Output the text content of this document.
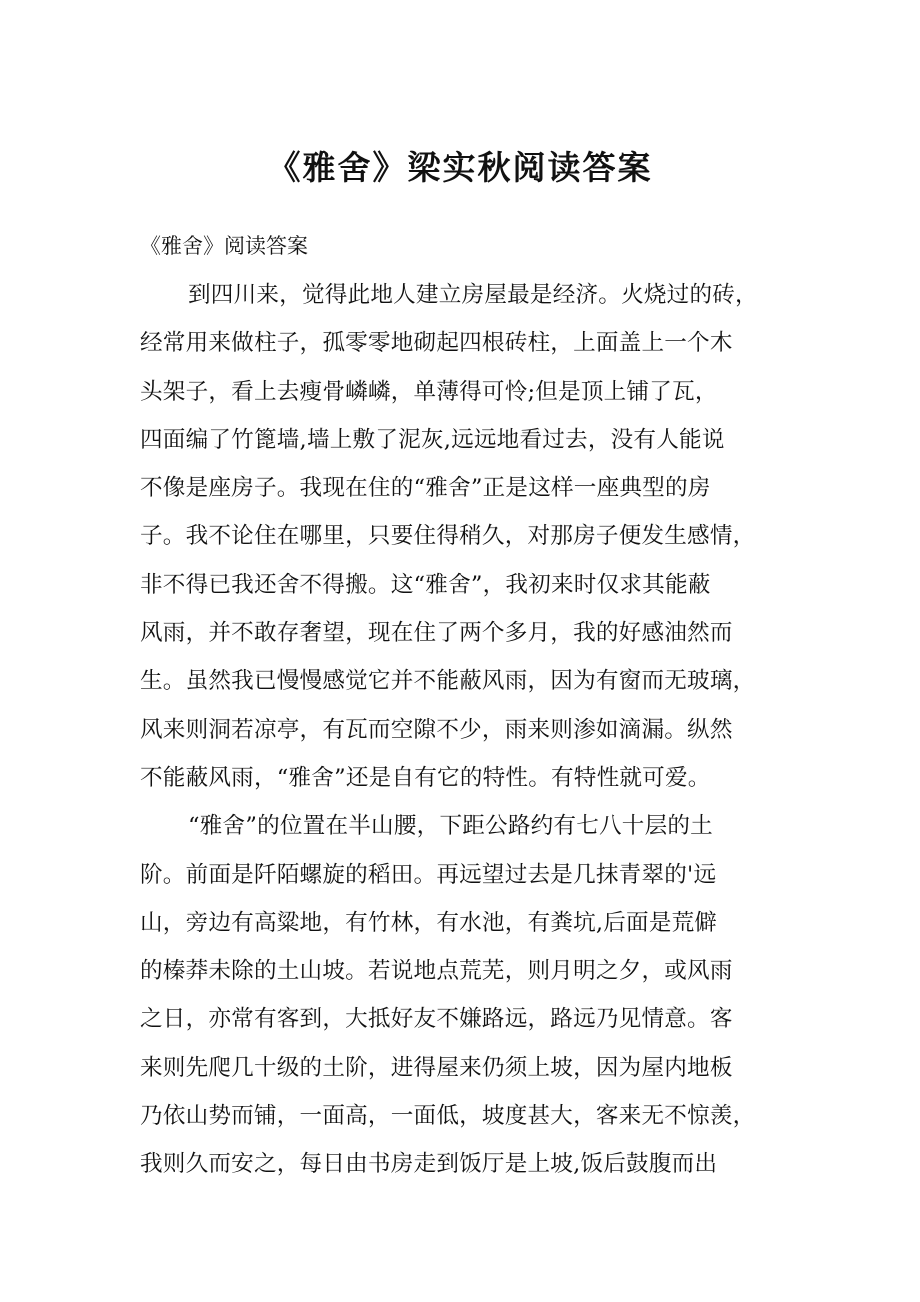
《雅舍》梁实秋阅读答案
《雅舍》阅读答案
到四川来，觉得此地人建立房屋最是经济。火烧过的砖，
经常用来做柱子，孤零零地砌起四根砖柱，上面盖上一个木
头架子，看上去瘦骨嶙嶙，单薄得可怜;但是顶上铺了瓦，
四面编了竹篦墙,墙上敷了泥灰,远远地看过去，没有人能说
不像是座房子。我现在住的“雅舍”正是这样一座典型的房
子。我不论住在哪里，只要住得稍久，对那房子便发生感情，
非不得已我还舍不得搬。这“雅舍”，我初来时仅求其能蔽
风雨，并不敢存奢望，现在住了两个多月，我的好感油然而
生。虽然我已慢慢感觉它并不能蔽风雨，因为有窗而无玻璃，
风来则洞若凉亭，有瓦而空隙不少，雨来则渗如滴漏。纵然
不能蔽风雨，“雅舍”还是自有它的特性。有特性就可爱。
“雅舍”的位置在半山腰，下距公路约有七八十层的土
阶。前面是阡陌螺旋的稻田。再远望过去是几抹青翠的'远
山，旁边有高粱地，有竹林，有水池，有粪坑,后面是荒僻
的榛莽未除的土山坡。若说地点荒芜，则月明之夕，或风雨
之日，亦常有客到，大抵好友不嫌路远，路远乃见情意。客
来则先爬几十级的土阶，进得屋来仍须上坡，因为屋内地板
乃依山势而铺，一面高，一面低，坡度甚大，客来无不惊羡，
我则久而安之，每日由书房走到饭厅是上坡,饭后鼓腹而出
